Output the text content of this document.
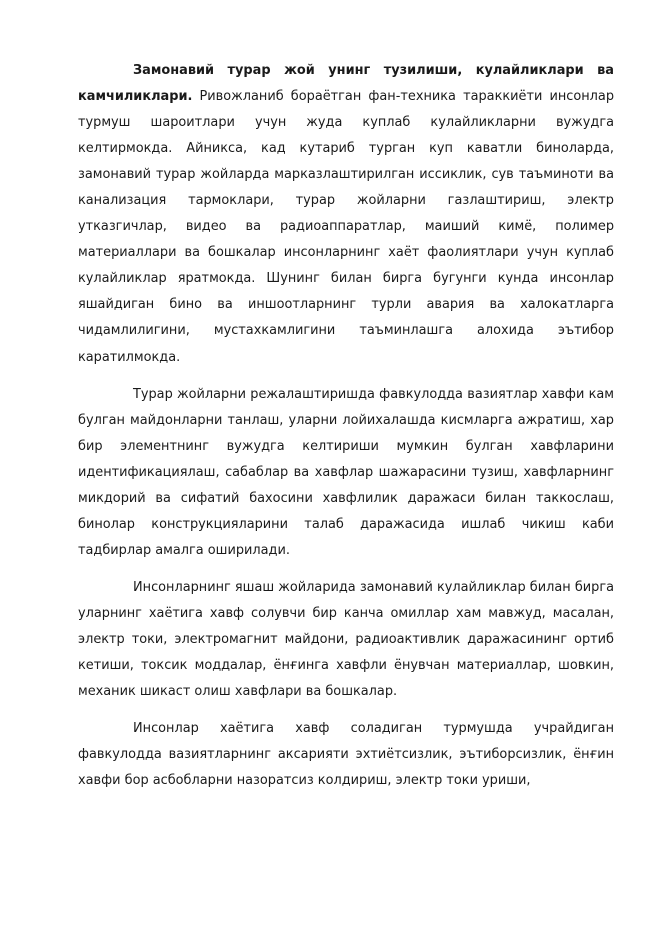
Замонавий турар жой унинг тузилиши, кулайликлари ва камчиликлари. Ривожланиб бораётган фан-техника тараккиёти инсонлар турмуш шароитлари учун жуда куплаб кулайликларни вужудга келтирмокда. Айникса, кад кутариб турган куп каватли биноларда, замонавий турар жойларда марказлаштирилган иссиклик, сув таъминоти ва канализация тармоклари, турар жойларни газлаштириш, электр утказгичлар, видео ва радиоаппаратлар, маиший кимё, полимер материаллари ва бошкалар инсонларнинг хаёт фаолиятлари учун куплаб кулайликлар яратмокда. Шунинг билан бирга бугунги кунда инсонлар яшайдиган бино ва иншоотларнинг турли авария ва халокатларга чидамлилигини, мустахкамлигини таъминлашга алохида эътибор каратилмокда.

Турар жойларни режалаштиришда фавкулодда вазиятлар хавфи кам булган майдонларни танлаш, уларни лойихалашда кисмларга ажратиш, хар бир элементнинг вужудга келтириши мумкин булган хавфларини идентификациялаш, сабаблар ва хавфлар шажарасини тузиш, хавфларнинг микдорий ва сифатий бахосини хавфлилик даражаси билан таккослаш, бинолар конструкцияларини талаб даражасида ишлаб чикиш каби тадбирлар амалга оширилади.

Инсонларнинг яшаш жойларида замонавий кулайликлар билан бирга уларнинг хаётига хавф солувчи бир канча омиллар хам мавжуд, масалан, электр токи, электромагнит майдони, радиоактивлик даражасининг ортиб кетиши, токсик моддалар, ёнғинга хавфли ёнувчан материаллар, шовкин, механик шикаст олиш хавфлари ва бошкалар.

Инсонлар хаётига хавф соладиган турмушда учрайдиган фавкулодда вазиятларнинг аксарияти эхтиётсизлик, эътиборсизлик, ёнғин хавфи бор асбобларни назоратсиз колдириш, электр токи уриши,
